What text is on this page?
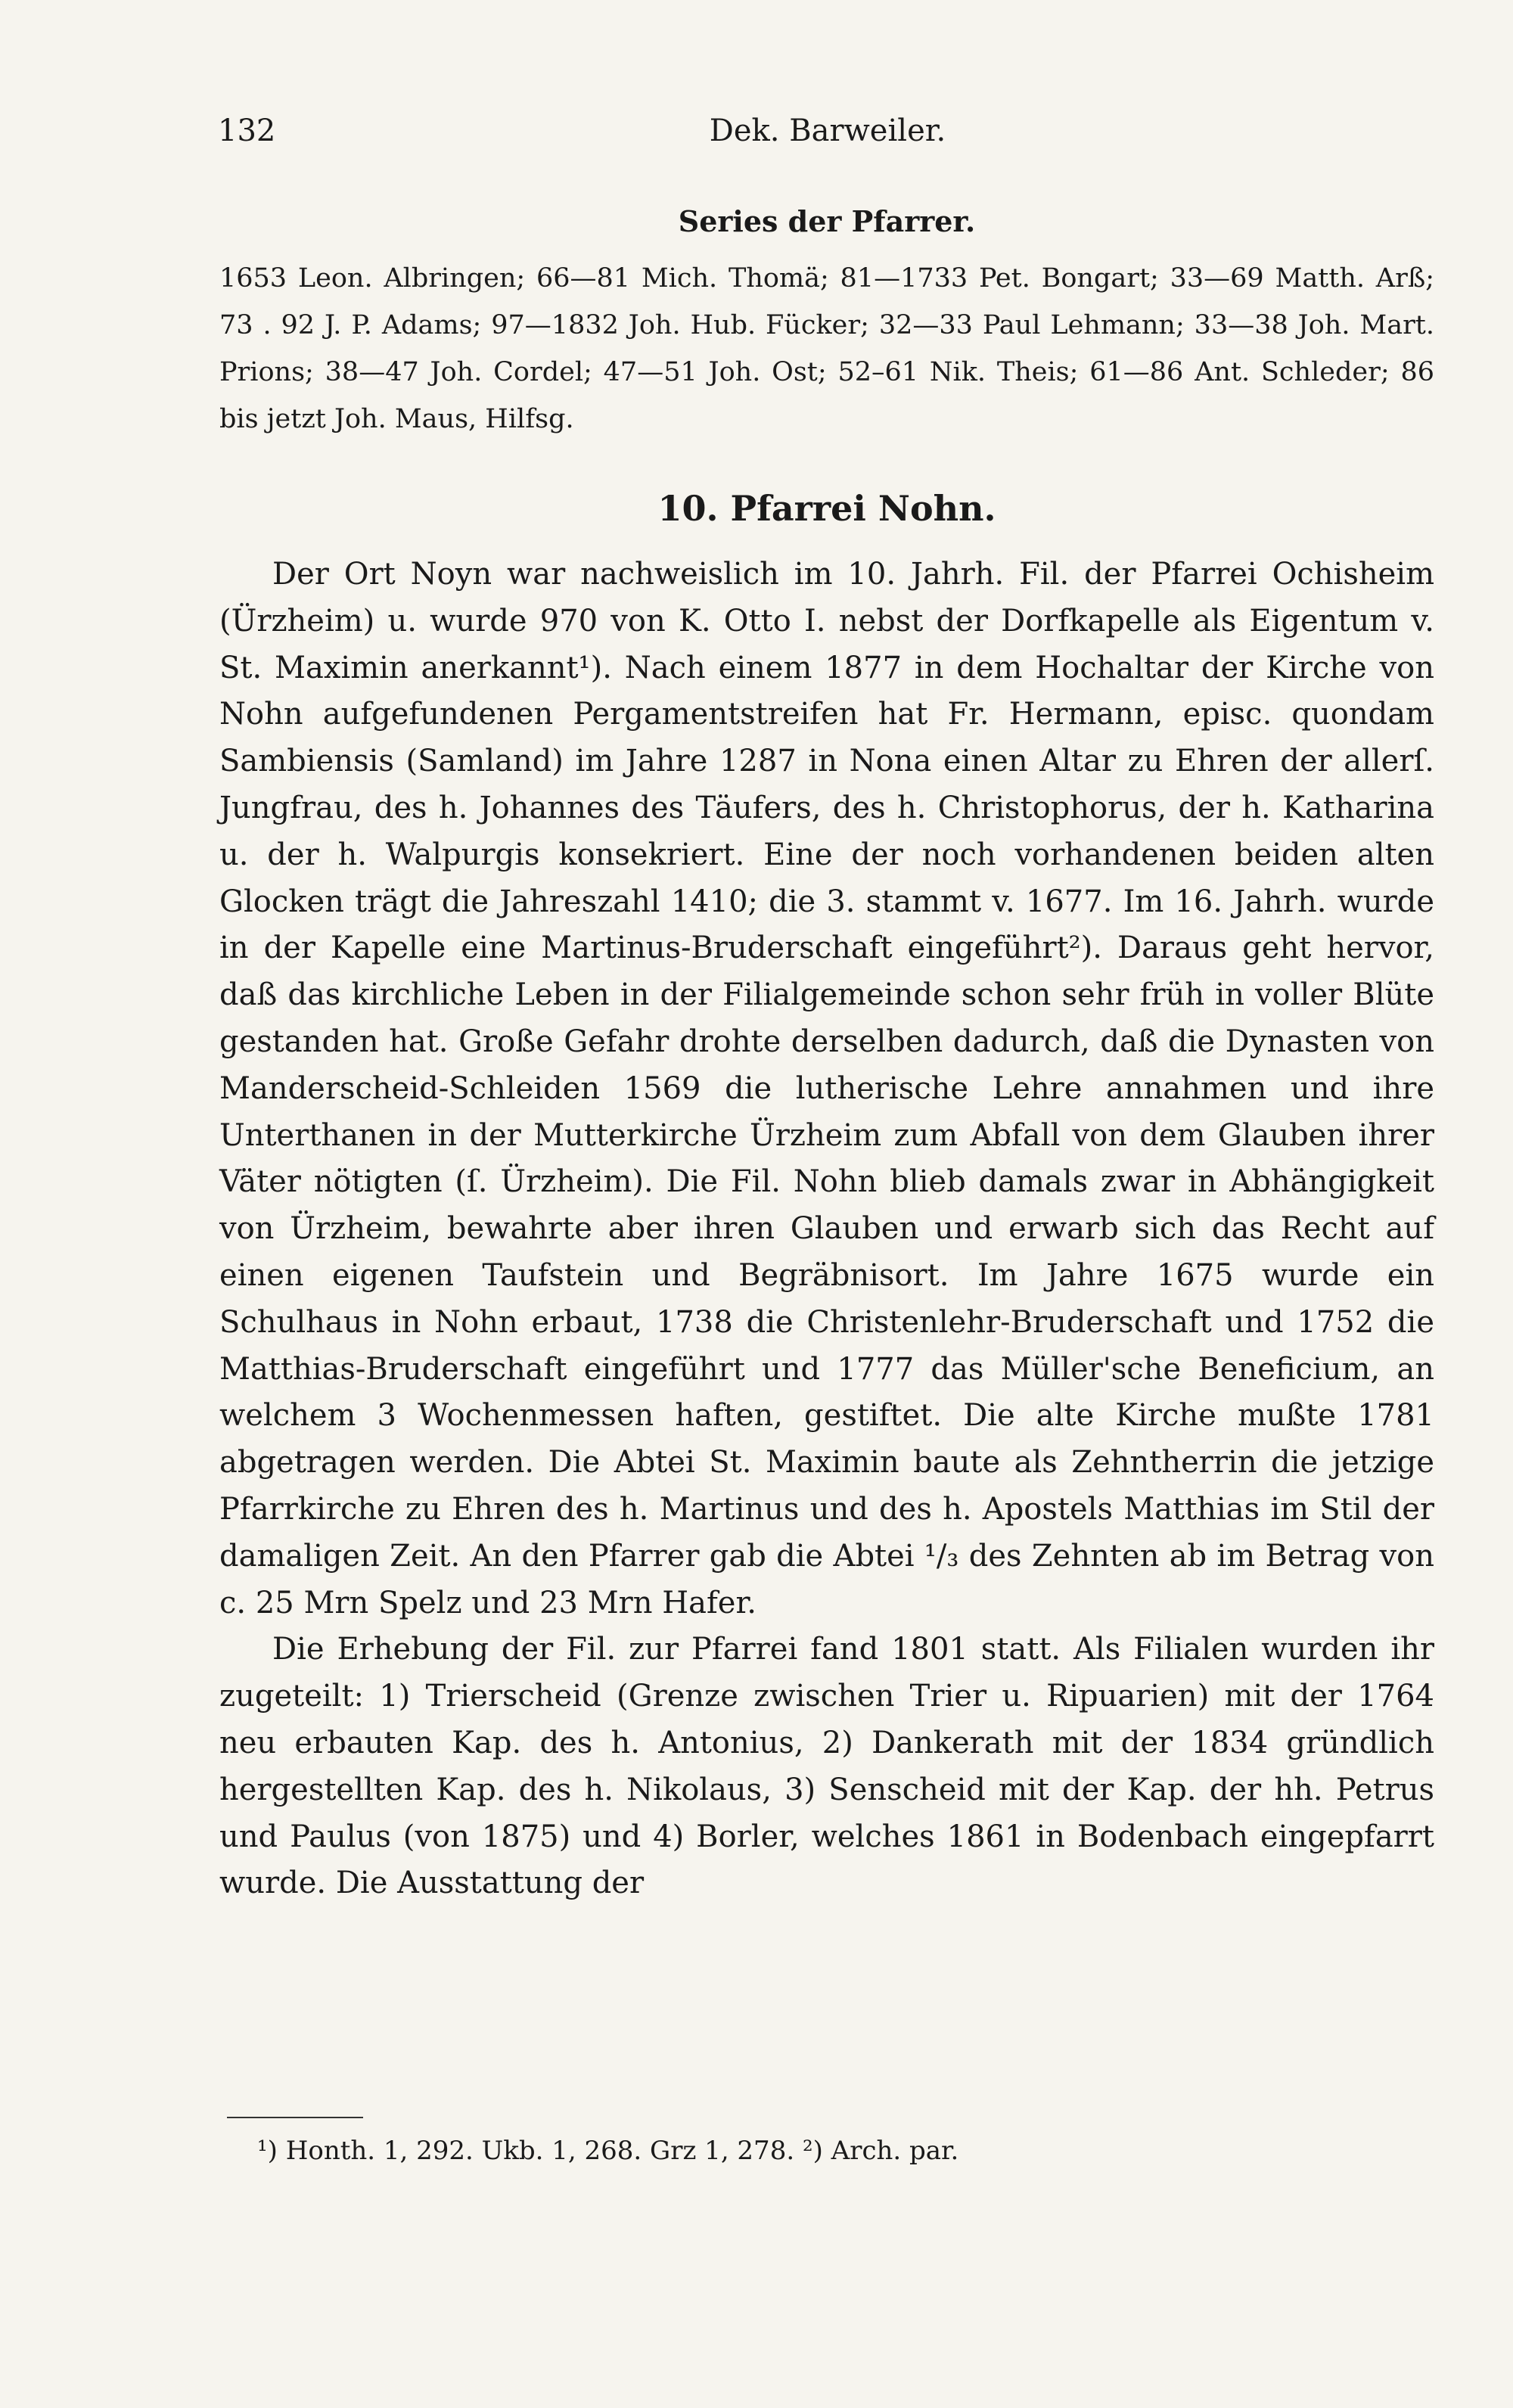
132	Dek. Barweiler.
Series der Pfarrer.

1653 Leon. Albringen; 66—81 Mich. Thomä; 81—1733 Pet. Bongart; 33—69 Matth. Arß; 73 . 92 J. P. Adams; 97—1832 Joh. Hub. Fücker; 32—33 Paul Lehmann; 33—38 Joh. Mart. Prions; 38—47 Joh. Cordel; 47—51 Joh. Ost; 52–61 Nik. Theis; 61—86 Ant. Schleder; 86 bis jetzt Joh. Maus, Hilfsg.

10. Pfarrei Nohn.

Der Ort Noyn war nachweislich im 10. Jahrh. Fil. der Pfarrei Ochisheim (Ürzheim) u. wurde 970 von K. Otto I. nebst der Dorfkapelle als Eigentum v. St. Maximin anerkannt¹). Nach einem 1877 in dem Hochaltar der Kirche von Nohn aufgefundenen Pergamentstreifen hat Fr. Hermann, episc. quondam Sambiensis (Samland) im Jahre 1287 in Nona einen Altar zu Ehren der allerſ. Jungfrau, des h. Johannes des Täufers, des h. Christophorus, der h. Katharina u. der h. Walpurgis konsekriert. Eine der noch vorhandenen beiden alten Glocken trägt die Jahreszahl 1410; die 3. stammt v. 1677. Im 16. Jahrh. wurde in der Kapelle eine Martinus-Bruderschaft eingeführt²). Daraus geht hervor, daß das kirchliche Leben in der Filialgemeinde schon sehr früh in voller Blüte gestanden hat. Große Gefahr drohte derselben dadurch, daß die Dynasten von Manderscheid-Schleiden 1569 die lutherische Lehre annahmen und ihre Unterthanen in der Mutterkirche Ürzheim zum Abfall von dem Glauben ihrer Väter nötigten (ſ. Ürzheim). Die Fil. Nohn blieb damals zwar in Abhängigkeit von Ürzheim, bewahrte aber ihren Glauben und erwarb sich das Recht auf einen eigenen Taufstein und Begräbnisort. Im Jahre 1675 wurde ein Schulhaus in Nohn erbaut, 1738 die Christenlehr-Bruderschaft und 1752 die Matthias-Bruderschaft eingeführt und 1777 das Müller'sche Beneficium, an welchem 3 Wochenmessen haften, gestiftet. Die alte Kirche mußte 1781 abgetragen werden. Die Abtei St. Maximin baute als Zehntherrin die jetzige Pfarrkirche zu Ehren des h. Martinus und des h. Apostels Matthias im Stil der damaligen Zeit. An den Pfarrer gab die Abtei ¹/₃ des Zehnten ab im Betrag von c. 25 Mrn Spelz und 23 Mrn Hafer.

Die Erhebung der Fil. zur Pfarrei fand 1801 statt. Als Filialen wurden ihr zugeteilt: 1) Trierscheid (Grenze zwischen Trier u. Ripuarien) mit der 1764 neu erbauten Kap. des h. Antonius, 2) Dankerath mit der 1834 gründlich hergestellten Kap. des h. Nikolaus, 3) Senscheid mit der Kap. der hh. Petrus und Paulus (von 1875) und 4) Borler, welches 1861 in Bodenbach eingepfarrt wurde. Die Ausstattung der

¹) Honth. 1, 292. Ukb. 1, 268. Grz 1, 278. ²) Arch. par.
